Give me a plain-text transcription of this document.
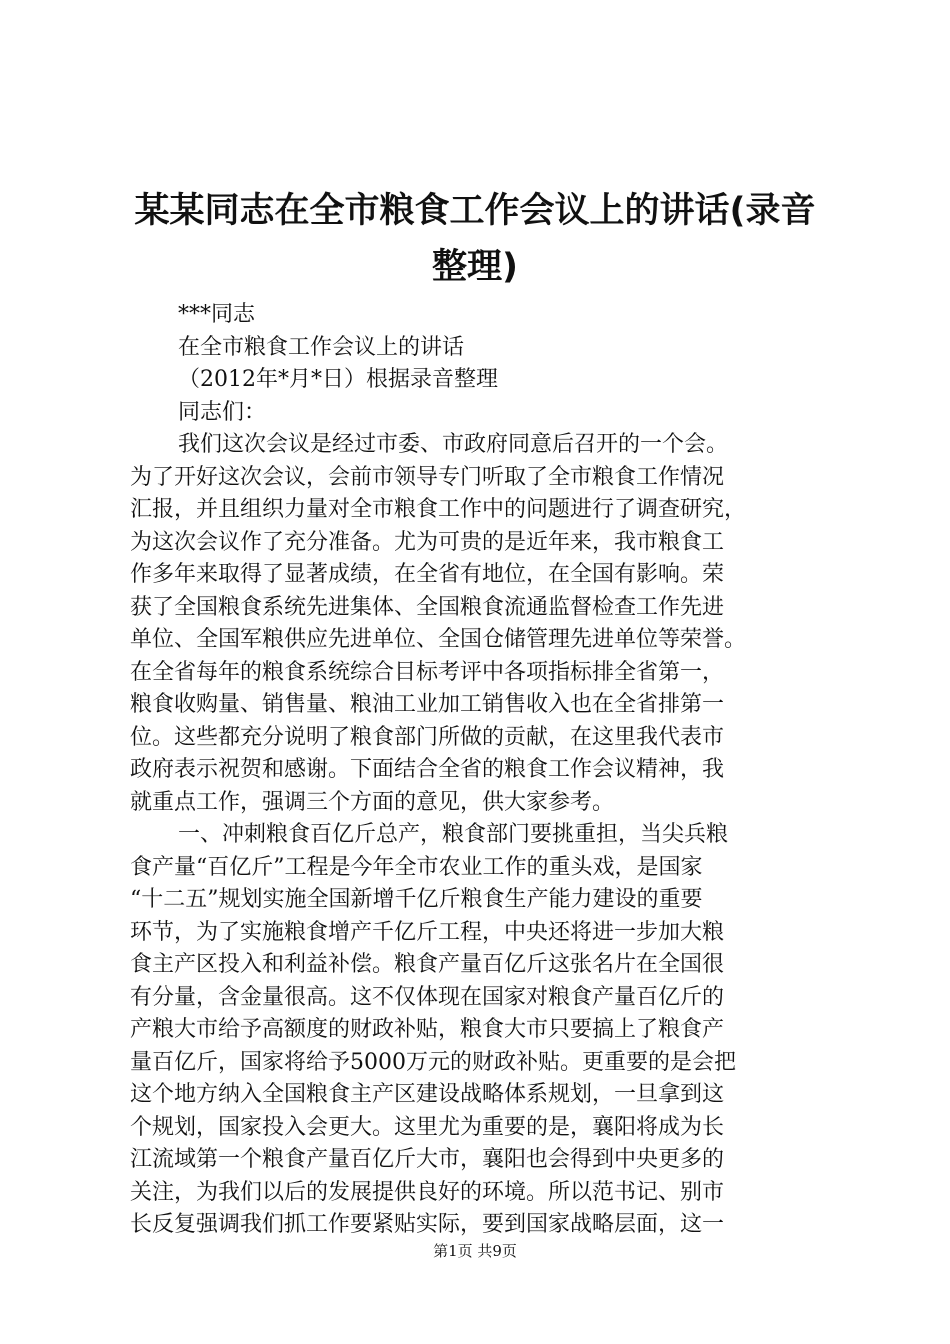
某某同志在全市粮食工作会议上的讲话(录音
整理)
***同志
在全市粮食工作会议上的讲话
（2012年*月*日）根据录音整理
同志们：
我们这次会议是经过市委、市政府同意后召开的一个会。
为了开好这次会议，会前市领导专门听取了全市粮食工作情况
汇报，并且组织力量对全市粮食工作中的问题进行了调查研究，
为这次会议作了充分准备。尤为可贵的是近年来，我市粮食工
作多年来取得了显著成绩，在全省有地位，在全国有影响。荣
获了全国粮食系统先进集体、全国粮食流通监督检查工作先进
单位、全国军粮供应先进单位、全国仓储管理先进单位等荣誉。
在全省每年的粮食系统综合目标考评中各项指标排全省第一，
粮食收购量、销售量、粮油工业加工销售收入也在全省排第一
位。这些都充分说明了粮食部门所做的贡献，在这里我代表市
政府表示祝贺和感谢。下面结合全省的粮食工作会议精神，我
就重点工作，强调三个方面的意见，供大家参考。
一、冲刺粮食百亿斤总产，粮食部门要挑重担，当尖兵粮
食产量“百亿斤”工程是今年全市农业工作的重头戏，是国家
“十二五”规划实施全国新增千亿斤粮食生产能力建设的重要
环节，为了实施粮食增产千亿斤工程，中央还将进一步加大粮
食主产区投入和利益补偿。粮食产量百亿斤这张名片在全国很
有分量，含金量很高。这不仅体现在国家对粮食产量百亿斤的
产粮大市给予高额度的财政补贴，粮食大市只要搞上了粮食产
量百亿斤，国家将给予5000万元的财政补贴。更重要的是会把
这个地方纳入全国粮食主产区建设战略体系规划，一旦拿到这
个规划，国家投入会更大。这里尤为重要的是，襄阳将成为长
江流域第一个粮食产量百亿斤大市，襄阳也会得到中央更多的
关注，为我们以后的发展提供良好的环境。所以范书记、别市
长反复强调我们抓工作要紧贴实际，要到国家战略层面，这一
第1页 共9页
